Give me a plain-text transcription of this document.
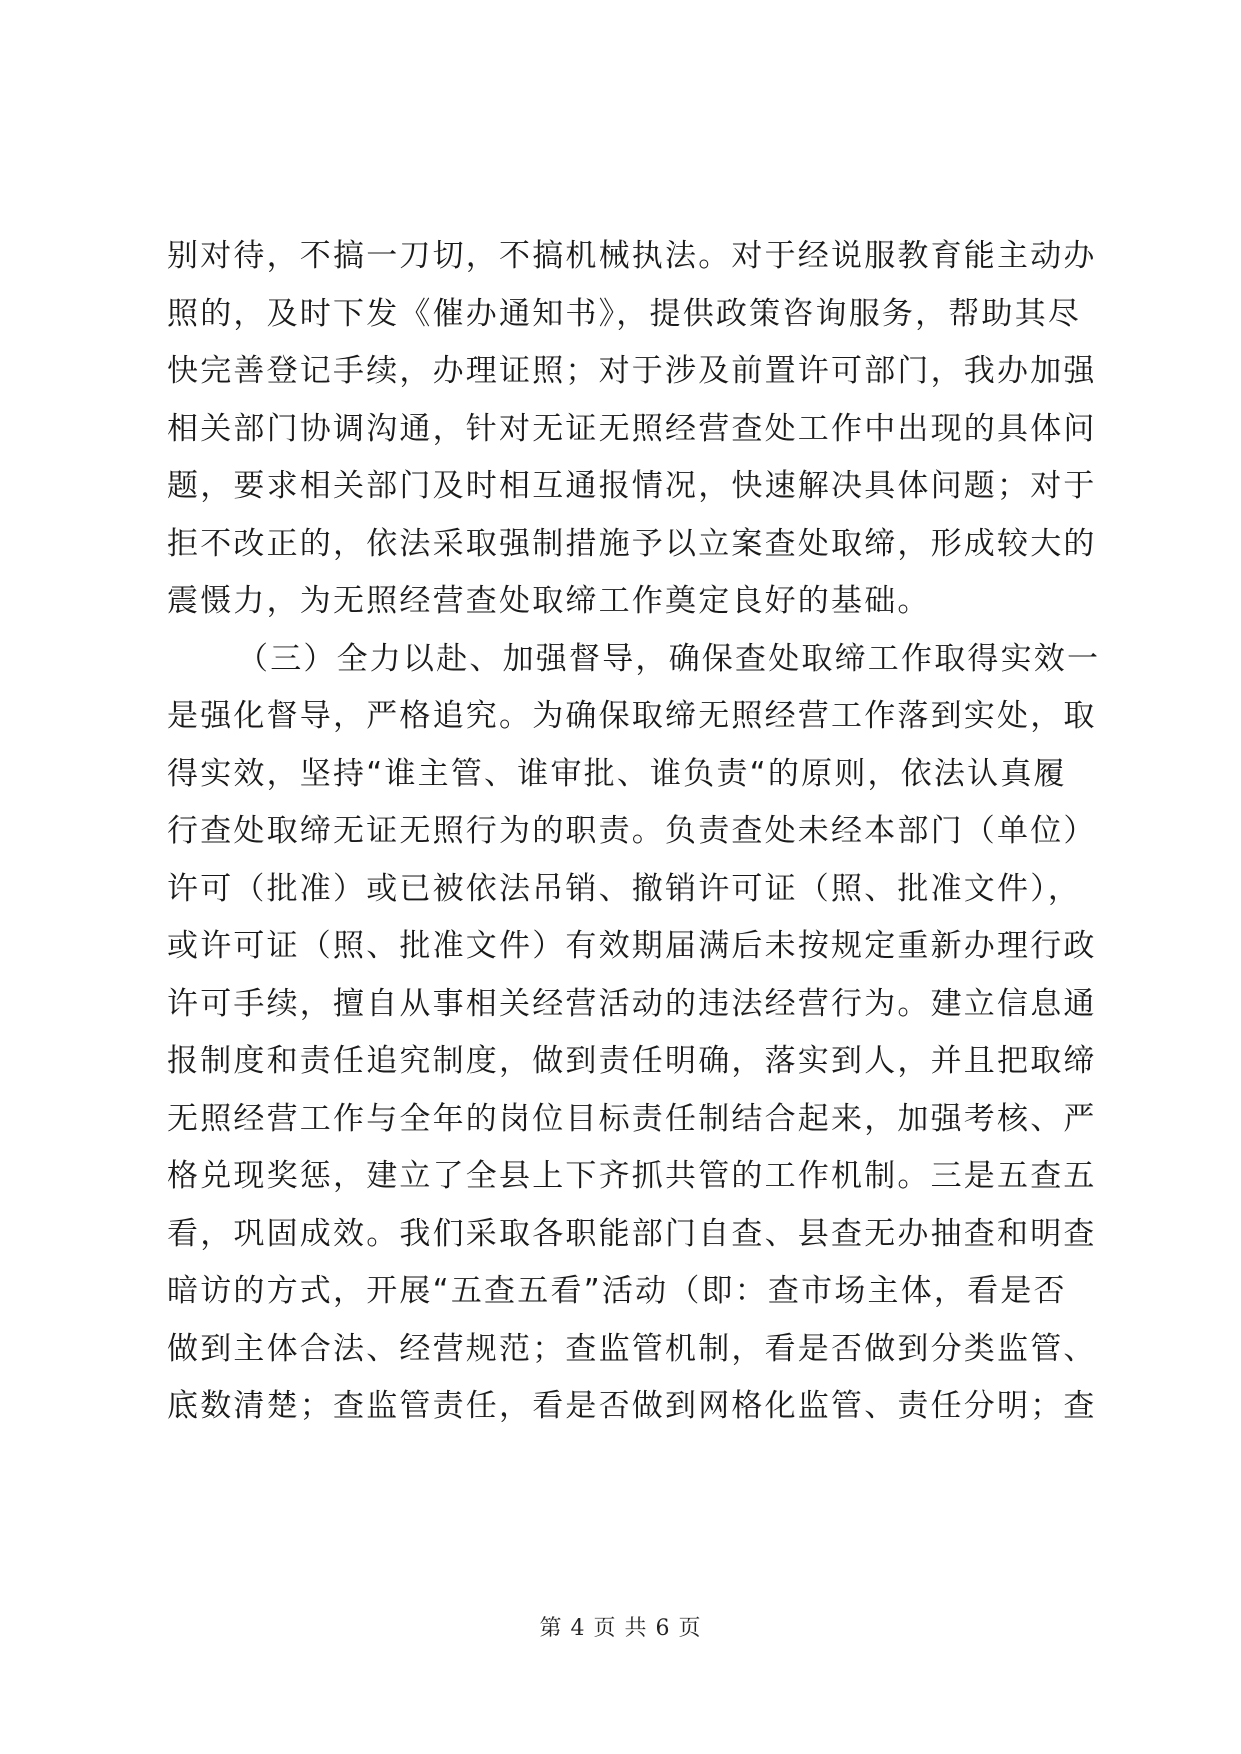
别对待，不搞一刀切，不搞机械执法。对于经说服教育能主动办
照的，及时下发《催办通知书》，提供政策咨询服务，帮助其尽
快完善登记手续，办理证照；对于涉及前置许可部门，我办加强
相关部门协调沟通，针对无证无照经营查处工作中出现的具体问
题，要求相关部门及时相互通报情况，快速解决具体问题；对于
拒不改正的，依法采取强制措施予以立案查处取缔，形成较大的
震慑力，为无照经营查处取缔工作奠定良好的基础。
（三）全力以赴、加强督导，确保查处取缔工作取得实效一
是强化督导，严格追究。为确保取缔无照经营工作落到实处，取
得实效，坚持“谁主管、谁审批、谁负责“的原则，依法认真履
行查处取缔无证无照行为的职责。负责查处未经本部门（单位）
许可（批准）或已被依法吊销、撤销许可证（照、批准文件），
或许可证（照、批准文件）有效期届满后未按规定重新办理行政
许可手续，擅自从事相关经营活动的违法经营行为。建立信息通
报制度和责任追究制度，做到责任明确，落实到人，并且把取缔
无照经营工作与全年的岗位目标责任制结合起来，加强考核、严
格兑现奖惩，建立了全县上下齐抓共管的工作机制。三是五查五
看，巩固成效。我们采取各职能部门自查、县查无办抽查和明查
暗访的方式，开展“五查五看”活动（即：查市场主体，看是否
做到主体合法、经营规范；查监管机制，看是否做到分类监管、
底数清楚；查监管责任，看是否做到网格化监管、责任分明；查
第 4 页 共 6 页
